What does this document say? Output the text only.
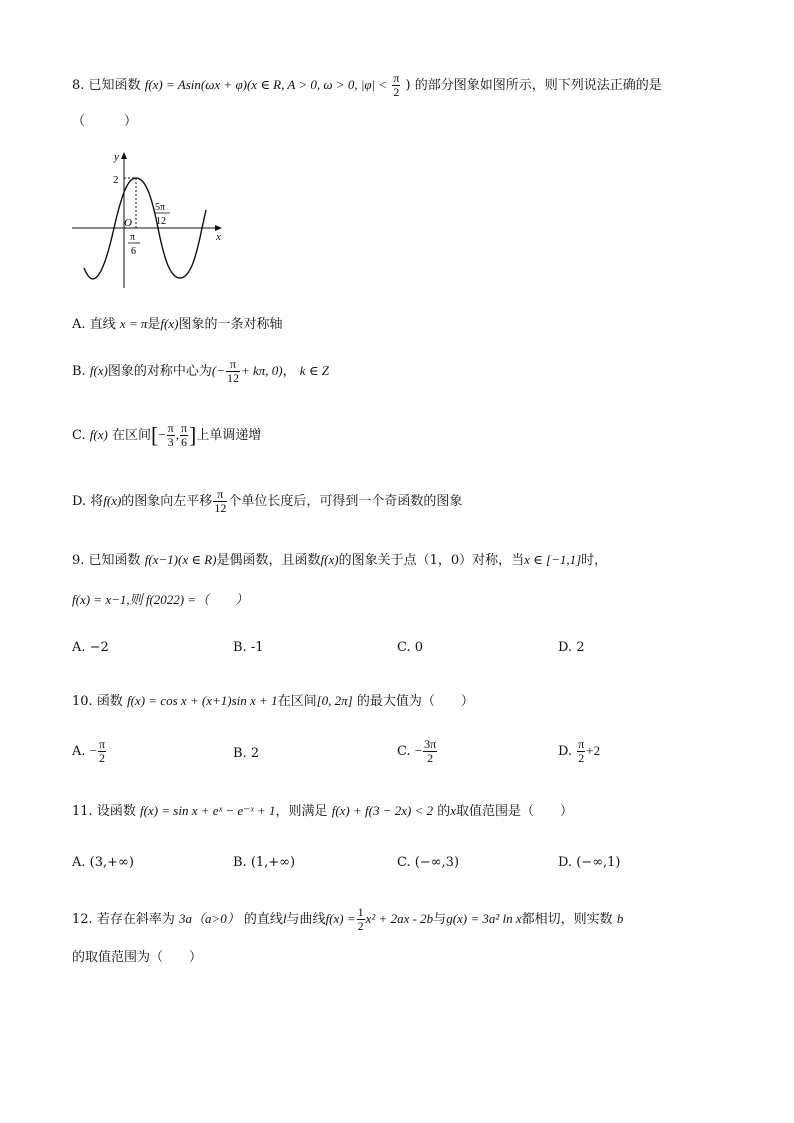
8. 已知函数 f(x) = Asin(ωx + φ)(x ∈ R, A > 0, ω > 0, $|\varphi| < \frac{\pi}{2}$ ) 的部分图象如图所示，则下列说法正确的是
（　　　）
y
x
2
O
π
6
5π
12
A. 直线 x = π是f(x)图象的一条对称轴
B. f(x)图象的对称中心为(− $\frac{\pi}{12} + k\pi$, 0)， k ∈ Z
C. f(x) 在区间[− $\frac{\pi}{3}$ , $\frac{\pi}{6}$ ]上单调递增
D. 将f(x)的图象向左平移 $\frac{\pi}{12}$ 个单位长度后，可得到一个奇函数的图象
9. 已知函数 f(x−1)(x ∈ R)是偶函数，且函数f(x)的图象关于点（1，0）对称，当x ∈ [−1,1]时，
f(x) = x−1,则 f(2022) =（　　）
A. −2	B. -1	C. 0	D. 2
10. 函数 f(x) = cos x + (x+1)sin x + 1在区间[0, 2π] 的最大值为（　　）
A. − $\frac{\pi}{2}$	B. 2	C. − $\frac{3\pi}{2}$	D. $\frac{\pi}{2} +2$
11. 设函数 f(x) = sin x + eˣ − e⁻ˣ + 1，则满足 f(x) + f(3 − 2x) < 2 的x取值范围是（　　）
A. (3,+∞)	B. (1,+∞)	C. (−∞,3)	D. (−∞,1)
12. 若存在斜率为 3a（a>0） 的直线l与曲线$f(x) = \frac{1}{2} x^2 + 2ax - 2b$与g(x) = 3a² ln x都相切，则实数 b
的取值范围为（　　）
